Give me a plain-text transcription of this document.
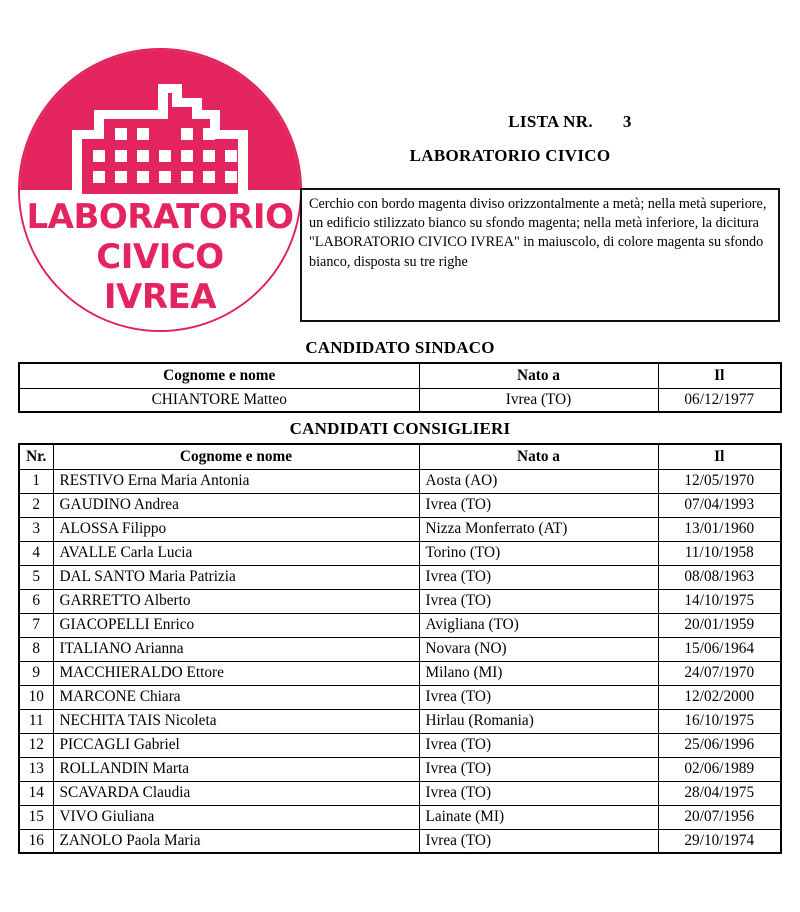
LABORATORIO
CIVICO
IVREA
LISTA NR. 3
LABORATORIO CIVICO
Cerchio con bordo magenta diviso orizzontalmente a metà; nella metà superiore, un edificio stilizzato bianco su sfondo magenta; nella metà inferiore, la dicitura "LABORATORIO CIVICO IVREA" in maiuscolo, di colore magenta su sfondo bianco, disposta su tre righe
CANDIDATO SINDACO
Cognome e nome	Nato a	Il
CHIANTORE Matteo	Ivrea (TO)	06/12/1977
CANDIDATI CONSIGLIERI
Nr.	Cognome e nome	Nato a	Il
1	RESTIVO Erna Maria Antonia	Aosta (AO)	12/05/1970
2	GAUDINO Andrea	Ivrea (TO)	07/04/1993
3	ALOSSA Filippo	Nizza Monferrato (AT)	13/01/1960
4	AVALLE Carla Lucia	Torino (TO)	11/10/1958
5	DAL SANTO Maria Patrizia	Ivrea (TO)	08/08/1963
6	GARRETTO Alberto	Ivrea (TO)	14/10/1975
7	GIACOPELLI Enrico	Avigliana (TO)	20/01/1959
8	ITALIANO Arianna	Novara (NO)	15/06/1964
9	MACCHIERALDO Ettore	Milano (MI)	24/07/1970
10	MARCONE Chiara	Ivrea (TO)	12/02/2000
11	NECHITA TAIS Nicoleta	Hirlau (Romania)	16/10/1975
12	PICCAGLI Gabriel	Ivrea (TO)	25/06/1996
13	ROLLANDIN Marta	Ivrea (TO)	02/06/1989
14	SCAVARDA Claudia	Ivrea (TO)	28/04/1975
15	VIVO Giuliana	Lainate (MI)	20/07/1956
16	ZANOLO Paola Maria	Ivrea (TO)	29/10/1974
